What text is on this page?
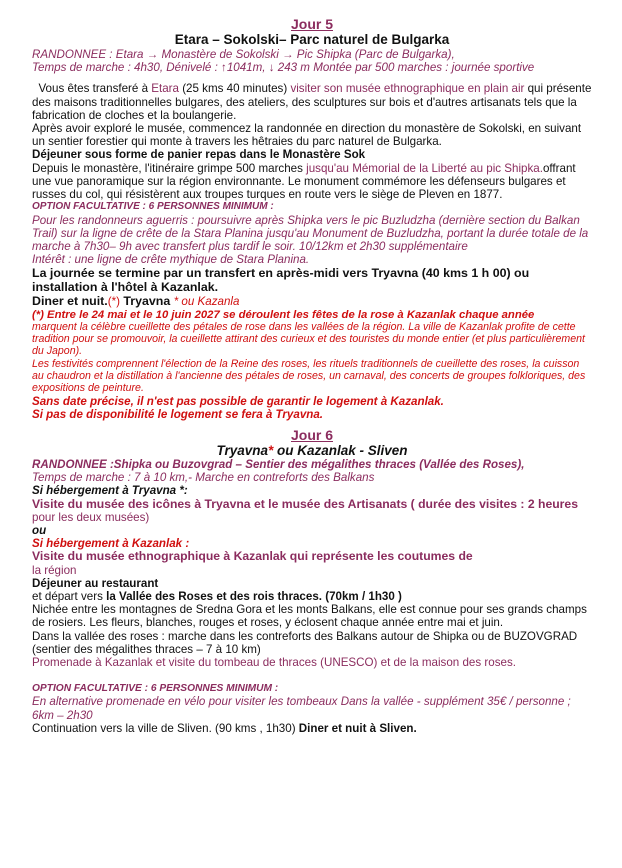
Jour 5
Etara – Sokolski– Parc naturel de Bulgarka

RANDONNEE : Etara → Monastère de Sokolski → Pic Shipka (Parc de Bulgarka),

Temps de marche : 4h30, Dénivelé : ↑1041m, ↓ 243 m Montée par 500 marches : journée sportive

Vous êtes transferé à Etara (25 kms 40 minutes) visiter son musée ethnographique en plain air qui présente des maisons traditionnelles bulgares, des ateliers, des sculptures sur bois et d'autres artisanats tels que la fabrication de cloches et la boulangerie.

Après avoir exploré le musée, commencez la randonnée en direction du monastère de Sokolski, en suivant un sentier forestier qui monte à travers les hêtraies du parc naturel de Bulgarka.

Déjeuner sous forme de panier repas dans le Monastère Sok

Depuis le monastère, l'itinéraire grimpe 500 marches jusqu'au Mémorial de la Liberté au pic Shipka.offrant une vue panoramique sur la région environnante. Le monument commémore les défenseurs bulgares et russes du col, qui résistèrent aux troupes turques en route vers le siège de Pleven en 1877.

OPTION FACULTATIVE : 6 PERSONNES MINIMUM :

Pour les randonneurs aguerris : poursuivre après Shipka vers le pic Buzludzha (dernière section du Balkan Trail) sur la ligne de crête de la Stara Planina jusqu'au Monument de Buzludzha, portant la durée totale de la marche à 7h30– 9h avec transfert plus tardif le soir. 10/12km et 2h30 supplémentaire

Intérêt : une ligne de crête mythique de Stara Planina.

La journée se termine par un transfert en après-midi vers Tryavna (40 kms 1 h 00) ou installation à l'hôtel à Kazanlak.

Diner et nuit.(*) Tryavna * ou Kazanla

(*) Entre le 24 mai et le 10 juin 2027 se déroulent les fêtes de la rose à Kazanlak chaque année

marquent la célèbre cueillette des pétales de rose dans les vallées de la région. La ville de Kazanlak profite de cette tradition pour se promouvoir, la cueillette attirant des curieux et des touristes du monde entier (et plus particulièrement du Japon).

Les festivités comprennent l'élection de la Reine des roses, les rituels traditionnels de cueillette des roses, la cuisson au chaudron et la distillation à l'ancienne des pétales de roses, un carnaval, des concerts de groupes folkloriques, des expositions de peinture.

Sans date précise, il n'est pas possible de garantir le logement à Kazanlak.

Si pas de disponibilité le logement se fera à Tryavna.

Jour 6
Tryavna* ou Kazanlak - Sliven

RANDONNEE :Shipka ou Buzovgrad – Sentier des mégalithes thraces (Vallée des Roses),

Temps de marche : 7 à 10 km,- Marche en contreforts des Balkans

Si hébergement à Tryavna *:

Visite du musée des icônes à Tryavna et le musée des Artisanats ( durée des visites : 2 heures

pour les deux musées)

ou

Si hébergement à Kazanlak :

Visite du musée ethnographique à Kazanlak qui représente les coutumes de

la région

Déjeuner au restaurant

et départ vers la Vallée des Roses et des rois thraces. (70km / 1h30 )

Nichée entre les montagnes de Sredna Gora et les monts Balkans, elle est connue pour ses grands champs de rosiers. Les fleurs, blanches, rouges et roses, y éclosent chaque année entre mai et juin.

Dans la vallée des roses : marche dans les contreforts des Balkans autour de Shipka ou de BUZOVGRAD (sentier des mégalithes thraces – 7 à 10 km)

Promenade à Kazanlak et visite du tombeau de thraces (UNESCO) et de la maison des roses.

OPTION FACULTATIVE : 6 PERSONNES MINIMUM :

En alternative promenade en vélo pour visiter les tombeaux Dans la vallée - supplément 35€ / personne ; 6km – 2h30

Continuation vers la ville de Sliven. (90 kms , 1h30) Diner et nuit à Sliven.
